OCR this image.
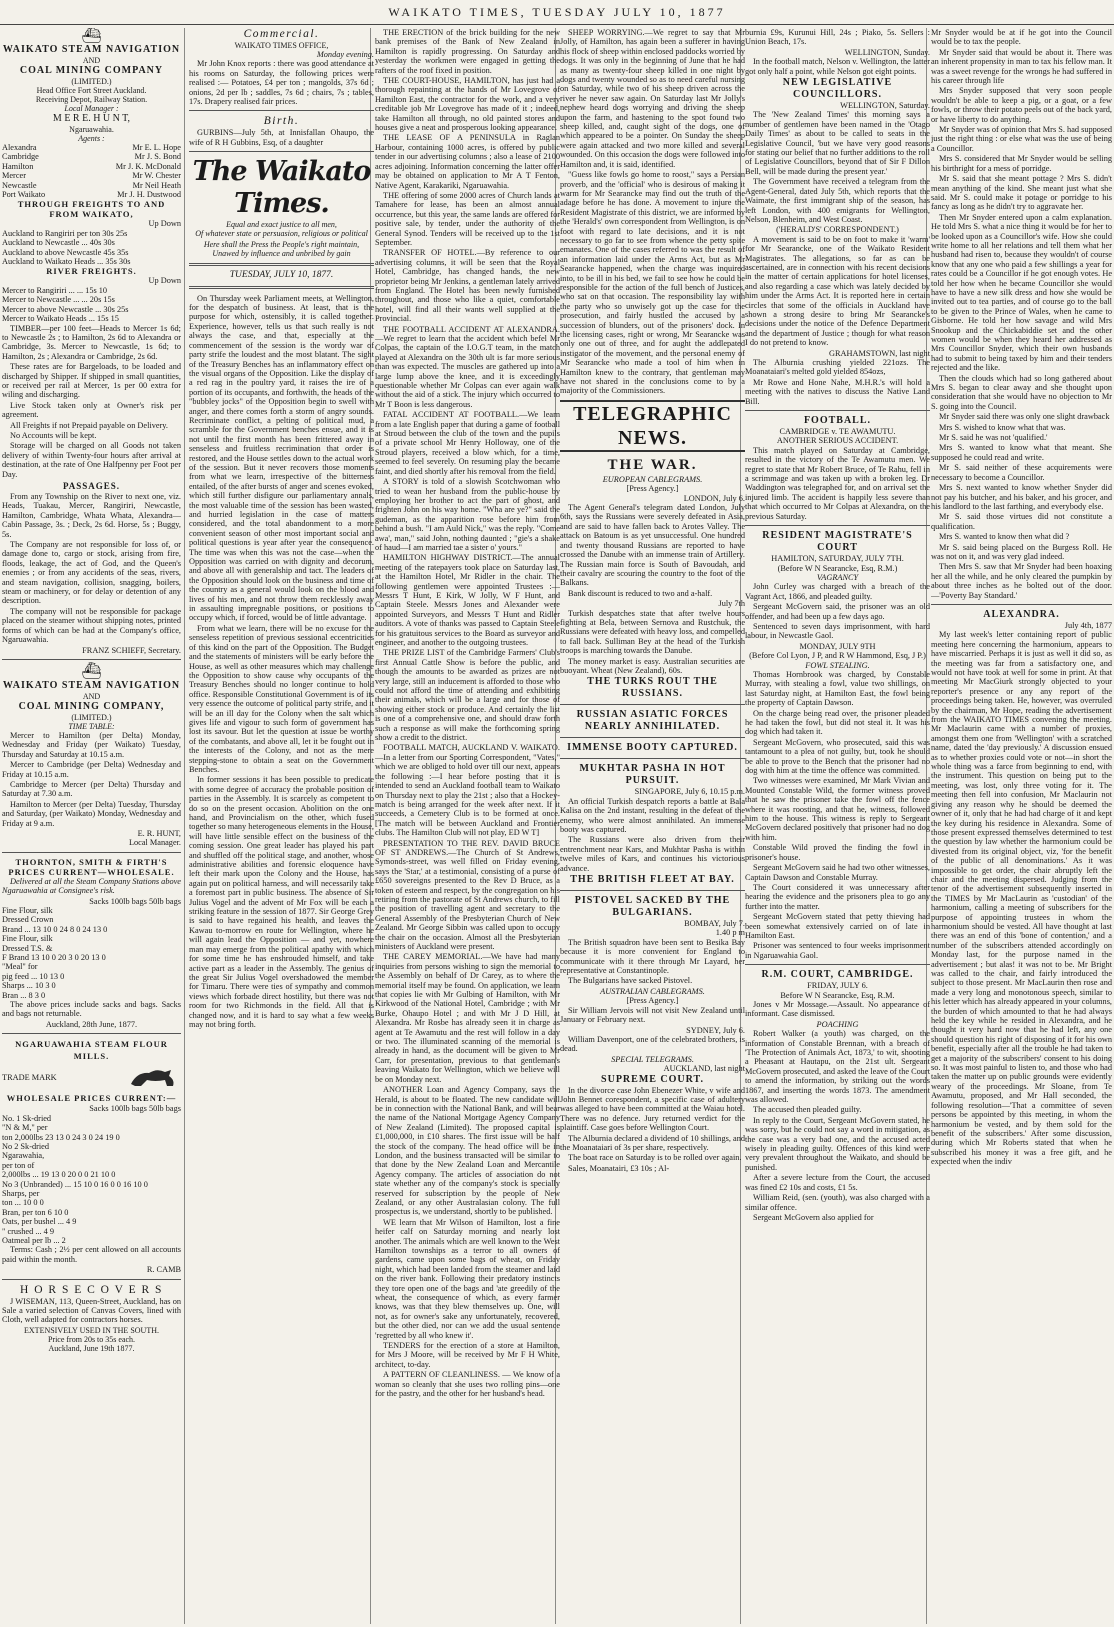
WAIKATO TIMES, TUESDAY JULY 10, 1877
⛴
WAIKATO STEAM NAVIGATION
AND
COAL MINING COMPANY
(LIMITED.)
Head Office Fort Street Auckland.
Receiving Depot, Railway Station.
Local Manager :
M E R E. H U N T,
Ngaruawahia.
Agents :
Alexandra	Mr E. L. Hope
Cambridge	Mr J. S. Bond
Hamilton	Mr J. K. McDonald
Mercer	Mr W. Chester
Newcastle	Mr Neil Heath
Port Waikato	Mr J. H. Dustwood
THROUGH FREIGHTS TO AND FROM WAIKATO,
Up Down
Auckland to Rangiriri per ton 30s 25s
Auckland to Newcastle ... 40s 30s
Auckland to above Newcastle 45s 35s
Auckland to Waikato Heads ... 35s 30s
RIVER FREIGHTS.
Up Down
Mercer to Rangiriri ... ... 15s 10
Mercer to Newcastle ... ... 20s 15s
Mercer to above Newcastle ... 30s 25s
Mercer to Waikato Heads ... 15s 15

TIMBER—per 100 feet—Heads to Mercer 1s 6d; to Newcastle 2s ; to Hamilton, 2s 6d to Alexandra or Cambridge, 3s. Mercer to Newcastle, 1s 6d; to Hamilton, 2s ; Alexandra or Cambridge, 2s 6d.

These rates are for Bargeloads, to be loaded and discharged by Shipper. If shipped in small quantities, or received per rail at Mercer, 1s per 00 extra for wiling and discharging.

Live Stock taken only at Owner's risk per agreement.

All Freights if not Prepaid payable on Delivery.

No Accounts will be kept.

Storage will be charged on all Goods not taken delivery of within Twenty-four hours after arrival at destination, at the rate of One Halfpenny per Foot per Day.

PASSAGES.

From any Township on the River to next one, viz. Heads, Tuakau, Mercer, Rangiriri, Newcastle, Hamilton, Cambridge, Whata Whata, Alexandra—Cabin Passage, 3s. ; Deck, 2s 6d. Horse, 5s ; Buggy, 5s.

The Company are not responsible for loss of, or damage done to, cargo or stock, arising from fire, floods, leakage, the act of God, and the Queen's enemies ; or from any accidents of the seas, rivers, and steam navigation, collision, snagging, boilers, steam or machinery, or for delay or detention of any description.

The company will not be responsible for package placed on the steamer without shipping notes, printed forms of which can be had at the Company's office, Ngaruawahia.

FRANZ SCHIEFF, Secretary.
⛴
WAIKATO STEAM NAVIGATION
AND
COAL MINING COMPANY,
(LIMITED.)
TIME TABLE:

Mercer to Hamilton (per Delta) Monday, Wednesday and Friday (per Waikato) Tuesday, Thursday and Saturday at 10.15 a.m.

Mercer to Cambridge (per Delta) Wednesday and Friday at 10.15 a.m.

Cambridge to Mercer (per Delta) Thursday and Saturday at 7.30 a.m.

Hamilton to Mercer (per Delta) Tuesday, Thursday and Saturday, (per Waikato) Monday, Wednesday and Friday at 9 a.m.

E. R. HUNT,
Local Manager.
THORNTON, SMITH & FIRTH'S PRICES CURRENT—WHOLESALE.

Delivered at all the Steam Company Stations above Ngaruawahia at Consignee's risk.

Sacks 100lb bags 50lb bags
Fine Flour, silk
Dressed Crown
Brand ... 13 10 0 24 8 0 24 13 0
Fine Flour, silk
Dressed T.S. &
F Brand 13 10 0 20 3 0 20 13 0
"Meal" for
pig feed ... 10 13 0
Sharps ... 10 3 0
Bran ... 8 3 0

The above prices include sacks and bags. Sacks and bags not returnable.

Auckland, 28th June, 1877.
NGARUAWAHIA STEAM FLOUR MILLS.
TRADE MARK
WHOLESALE PRICES CURRENT:—
Sacks 100lb bags 50lb bags
No. 1 Sk-dried
"N & M," per
ton 2,000lbs 23 13 0 24 3 0 24 19 0
No 2 Sk-dried
Ngarawahia,
per ton of
2,000lbs ... 19 13 0 20 0 0 21 10 0
No 3 (Unbranded) ... 15 10 0 16 0 0 16 10 0
Sharps, per
ton ... 10 0 0
Bran, per ton 6 10 0
Oats, per bushel ... 4 9
" crushed ... 4 9
Oatmeal per lb ... 2

Terms: Cash ; 2½ per cent allowed on all accounts paid within the month.

R. CAMB
H O R S E C O V E R S

J WISEMAN, 113, Queen-Street, Auckland, has on Sale a varied selection of Canvas Covers, lined with Cloth, well adapted for contractors horses.

EXTENSIVELY USED IN THE SOUTH.
Price from 20s to 35s each.
Auckland, June 19th 1877.
Commercial.
WAIKATO TIMES OFFICE,
Monday evening.

Mr John Knox reports : there was good attendance at his rooms on Saturday, the following prices were realised :— Potatoes, £4 per ton ; mangolds, 37s 6d ; onions, 2d per lb ; saddles, 7s 6d ; chairs, 7s ; tables, 17s. Drapery realised fair prices.

Birth.

GURBINS—July 5th, at Innisfallan Ohaupo, the wife of R H Gubbins, Esq, of a daughter

The Waikato Times.
Equal and exact justice to all men,
Of whatever state or persuasion, religious or political
Here shall the Press the People's right maintain,
Unawed by influence and unbribed by gain
TUESDAY, JULY 10, 1877.

On Thursday week Parliament meets, at Wellington, for the despatch of business. At least, that is the purpose for which, ostensibly, it is called together. Experience, however, tells us that such really is not always the case, and that, especially at the commencement of the session is the wordy war of party strife the loudest and the most blatant. The sight of the Treasury Benches has an inflammatory effect on the visual organs of the Opposition. Like the display of a red rag in the poultry yard, it raises the ire of a portion of its occupants, and forthwith, the heads of the "bubbley jocks" of the Opposition begin to swell with anger, and there comes forth a storm of angry sounds. Recriminate conflict, a pelting of political mud, a scramble for the Government benches ensue, and it is not until the first month has been frittered away in senseless and fruitless recrimination that order is restored, and the House settles down to the actual work of the session. But it never recovers those moments from what we learn, irrespective of the bitterness entailed, of the after bursts of anger and scenes evoked, which still further disfigure our parliamentary annals, the most valuable time of the session has been wasted, and hurried legislation in the case of matters considered, and the total abandonment to a more convenient season of other most important social and political questions is year after year the consequence. The time was when this was not the case—when the Opposition was carried on with dignity and decorum, and above all with generalship and tact. The leaders of the Opposition should look on the business and time of the country as a general would look on the blood and lives of his men, and not throw them recklessly away in assaulting impregnable positions, or positions to occupy which, if forced, would be of little advantage.

From what we learn, there will be no excuse for the senseless repetition of previous sessional eccentricities of this kind on the part of the Opposition. The Budget and the statements of ministers will be early before the House, as well as other measures which may challenge the Opposition to show cause why occupants of the Treasury Benches should no longer continue to hold office. Responsible Constitutional Government is of its very essence the outcome of political party strife, and it will be an ill day for the Colony when the salt which gives life and vigour to such form of government has lost its savour. But let the question at issue be worthy of the combatants, and above all, let it be fought out in the interests of the Colony, and not as the mere stepping-stone to obtain a seat on the Government Benches.

In former sessions it has been possible to predicate with some degree of accuracy the probable position of parties in the Assembly. It is scarcely as competent to do so on the present occasion. Abolition on the one hand, and Provincialism on the other, which fused together so many heterogeneous elements in the House, will have little sensible effect on the business of the coming session. One great leader has played his part and shuffled off the political stage, and another, whose administrative abilities and forensic eloquence have left their mark upon the Colony and the House, has again put on political harness, and will necessarily take a foremost part in public business. The absence of Sir Julius Vogel and the advent of Mr Fox will be each a striking feature in the session of 1877. Sir George Grey is said to have regained his health, and leaves the Kawau to-morrow en route for Wellington, where he will again lead the Opposition — and yet, nowhere man may emerge from the political apathy with which for some time he has enshrouded himself, and take active part as a leader in the Assembly. The genius of the great Sir Julius Vogel overshadowed the member for Timaru. There were ties of sympathy and common views which forbade direct hostility, but there was not room for two Richmonds in the field. All that is changed now, and it is hard to say what a few weeks may not bring forth.

THE ERECTION of the brick building for the new bank premises of the Bank of New Zealand in Hamilton is rapidly progressing. On Saturday and yesterday the workmen were engaged in getting the rafters of the roof fixed in position.

THE COURT-HOUSE, HAMILTON, has just had a thorough repainting at the hands of Mr Lovegrove of Hamilton East, the contractor for the work, and a very creditable job Mr Lovegrove has made of it ; indeed, take Hamilton all through, no old painted stores and houses give a neat and prosperous looking appearance.

THE LEASE OF A PENINSULA in Raglan Harbour, containing 1000 acres, is offered by public tender in our advertising columns ; also a lease of 2100 acres adjoining. Information concerning the latter offer may be obtained on application to Mr A T Fenton, Native Agent, Karakariki, Ngaruawahia.

THE offering of some 2000 acres of Church lands at Tamahere for lease, has been an almost annual occurrence, but this year, the same lands are offered for positive sale, by tender, under the authority of the General Synod. Tenders will be received up to the 1st September.

TRANSFER OF HOTEL.—By reference to our advertising columns, it will be seen that the Royal Hotel, Cambridge, has changed hands, the new proprietor being Mr Jenkins, a gentleman lately arrived from England. The Hotel has been newly furnished throughout, and those who like a quiet, comfortable hotel, will find all their wants well supplied at the Provincial.

THE FOOTBALL ACCIDENT AT ALEXANDRA.—We regret to learn that the accident which befel Mr Colpas, the captain of the I.O.G.T team, in the match played at Alexandra on the 30th ult is far more serious than was expected. The muscles are gathered up into a large lump above the knee, and it is exceedingly questionable whether Mr Colpas can ever again walk without the aid of a stick. The injury which occurred to Mr T Boon is less dangerous.

FATAL ACCIDENT AT FOOTBALL.—We learn from a late English paper that during a game of football at Stroud between the club of the town and the pupils of a private school Mr Henry Holloway, one of the Stroud players, received a blow which, for a time, seemed to feel severely. On resuming play the became faint, and died shortly after his removal from the field.

A STORY is told of a slowish Scotchwoman who tried to wean her husband from the public-house by employing her brother to act the part of ghost, and frighten John on his way home. "Wha are ye?" said the gudeman, as the apparition rose before him from behind a bush. "I am Auld Nick," was the reply. "Come awa', man," said John, nothing daunted ; "gie's a shake of haud—I am married tae a sister o' yours."

HAMILTON HIGHWAY DISTRICT.—The annual meeting of the ratepayers took place on Saturday last, at the Hamilton Hotel, Mr Ridler in the chair. The following gentlemen were appointed Trustees :—Messrs T Hunt, E Kirk, W Jolly, W F Hunt, and Captain Steele. Messrs Jones and Alexander were appointed Surveyors, and Messrs T Hunt and Ridler auditors. A vote of thanks was passed to Captain Steele for his gratuitous services to the Board as surveyor and engineer, and another to the outgoing trustees.

THE PRIZE LIST of the Cambridge Farmers' Club's first Annual Cattle Show is before the public, and though the amounts to be awarded as prizes are not very large, still an inducement is afforded to those who could not afford the time of attending and exhibiting their animals, which will be a large and for those of showing either stock or produce. And certainly the list is one of a comprehensive one, and should draw forth such a response as will make the forthcoming spring show a credit to the district.

FOOTBALL MATCH, AUCKLAND V. WAIKATO.—In a letter from our Sporting Correspondent, "Vates," which we are obliged to hold over till our next, appears the following :—I hear before posting that it is intended to send an Auckland football team to Waikato on Thursday next to play the 21st ; also that a Hockey-match is being arranged for the week after next. If it succeeds, a Cemetery Club is to be formed at once. [The match will be between Auckland and Frontier clubs. The Hamilton Club will not play, ED W T]

PRESENTATION TO THE REV. DAVID BRUCE OF ST ANDREWS.—The Church of St Andrews, Symonds-street, was well filled on Friday evening, says the 'Star,' at a testimonial, consisting of a purse of £650 sovereigns presented to the Rev D Bruce, as a token of esteem and respect, by the congregation on his retiring from the pastorate of St Andrews church, to fill the position of travelling agent and secretary to the General Assembly of the Presbyterian Church of New Zealand. Mr George Sibbin was called upon to occupy the chair on the occasion. Almost all the Presbyterian ministers of Auckland were present.

THE CAREY MEMORIAL.—We have had many inquiries from persons wishing to sign the memorial to the Assembly on behalf of Dr Carey, as to where the memorial itself may be found. On application, we learn that copies lie with Mr Gulbing of Hamilton, with Mr Kirkwood of the National Hotel, Cambridge ; with Mr Burke, Ohaupo Hotel ; and with Mr J D Hill, at Alexandra. Mr Rosbe has already seen it in charge as agent at Te Awamutu and the rest will follow in a day or two. The illuminated scanning of the memorial is already in hand, as the document will be given to Mr Carr, for presentation, previous to that gentleman's leaving Waikato for Wellington, which we believe will be on Monday next.

ANOTHER Loan and Agency Company, says the Herald, is about to be floated. The new candidate will be in connection with the National Bank, and will bear the name of the National Mortgage Agency Company of New Zealand (Limited). The proposed capital is £1,000,000, in £10 shares. The first issue will be half the stock of the company. The head office will be in London, and the business transacted will be similar to that done by the New Zealand Loan and Mercantile Agency company. The articles of association do not state whether any of the company's stock is specially reserved for subscription by the people of New Zealand, or any other Australasian colony. The full prospectus is, we understand, shortly to be published.

WE learn that Mr Wilson of Hamilton, lost a fine heifer calf on Saturday morning and nearly lost another. The animals which are well known to the West Hamilton townships as a terror to all owners of gardens, came upon some bags of wheat, on Friday night, which had been landed from the steamer and laid on the river bank. Following their predatory instincts they tore open one of the bags and 'ate greedily of the wheat, the consequence of which, as every farmer knows, was that they blew themselves up. One, will not, as for owner's sake any unfortunately, recovered, but the other died, nor can we add the usual sentence 'regretted by all who knew it'.

TENDERS for the erection of a store at Hamilton, for Mrs J Moore, will be received by Mr F H White, architect, to-day.

A PATTERN OF CLEANLINESS. — We know of a woman so cleanly that she uses two rolling pins—one for the pastry, and the other for her husband's head.

SHEEP WORRYING.—We regret to say that Mr Jolly, of Hamilton, has again been a sufferer in having his flock of sheep within enclosed paddocks worried by dogs. It was only in the beginning of June that he had as many as twenty-four sheep killed in one night by dogs and twenty wounded so as to need careful nursing on Saturday, while two of his sheep driven across the river he never saw again. On Saturday last Mr Jolly's nephew heard dogs worrying and driving the sheep upon the farm, and hastening to the spot found two sheep killed, and, caught sight of the dogs, one of which appeared to be a pointer. On Sunday the sheep were again attacked and two more killed and several wounded. On this occasion the dogs were followed into Hamilton and, it is said, identified.

"Guess like fowls go home to roost," says a Persian proverb, and the 'official' who is desirous of making it warm for Mr Searancke may find out the truth of the adage before he has done. A movement to injure the Resident Magistrate of this district, we are informed by the 'Herald's' own correspondent from Wellington, is on foot with regard to late decisions, and it is not necessary to go far to see from whence the petty spite emanates. One of the cases referred to was the result of an information laid under the Arms Act, but as Mr Searancke happened, when the charge was inquired into, to be ill in his bed, we fail to see how he could be responsible for the action of the full bench of Justices, who sat on that occasion. The responsibility lay with the party who so unwisely got up the case for the prosecution, and fairly hustled the accused by a succession of blunders, out of the prisoners' dock. In the licensing cases, right or wrong, Mr Searancke was only one out of three, and for aught the addlepated instigator of the movement, and the personal enemy of Mr Searancke who made a tool of him when in Hamilton knew to the contrary, that gentleman may have not shared in the conclusions come to by a majority of the Commissioners.

TELEGRAPHIC NEWS.
THE WAR.
EUROPEAN CABLEGRAMS.
[Press Agency.]
LONDON, July 6.

The Agent General's telegram dated London, July 6th, says the Russians were severely defeated in Asia, and are said to have fallen back to Arotes Valley. The attack on Batoum is as yet unsuccessful. One hundred and twenty thousand Russians are reported to have crossed the Danube with an immense train of Artillery. The Russian main force is South of Bavoudah, and their cavalry are scouring the country to the foot of the Balkans.

Bank discount is reduced to two and a-half.

July 7th

Turkish despatches state that after twelve hours fighting at Bela, between Sernova and Rustchuk, the Russians were defeated with heavy loss, and compelled to fall back. Sulliman Bey at the head of the Turkish troops is marching towards the Danube.

The money market is easy. Australian securities are buoyant. Wheat (New Zealand), 60s.

THE TURKS ROUT THE RUSSIANS.
RUSSIAN ASIATIC FORCES NEARLY ANNIHILATED.
IMMENSE BOOTY CAPTURED.
MUKHTAR PASHA IN HOT PURSUIT.
SINGAPORE, July 6, 10.15 p.m.

An official Turkish despatch reports a battle at Bala Kalisa on the 2nd instant, resulting in the defeat of the enemy, who were almost annihilated. An immense booty was captured.

The Russians were also driven from their entrenchment near Kars, and Mukhtar Pasha is within twelve miles of Kars, and continues his victorious advance.

THE BRITISH FLEET AT BAY.
PISTOVEL SACKED BY THE BULGARIANS.
BOMBAY, July 7.
1.40 p m

The British squadron have been sent to Besika Bay because it is more convenient for England to communicate with it there through Mr Layard, her representative at Constantinople.

The Bulgarians have sacked Pistovel.

AUSTRALIAN CABLEGRAMS.
[Press Agency.]

Sir William Jervois will not visit New Zealand until January or February next.

SYDNEY, July 6.

William Davenport, one of the celebrated brothers, is dead.

SPECIAL TELEGRAMS.
AUCKLAND, last night
SUPREME COURT.

In the divorce case John Ebenezer White, v wife and John Bennet corespondent, a specific case of adultery was alleged to have been committed at the Waiau hotel. There was no defence. Jury returned verdict for the plaintiff. Case goes before Wellington Court.

The Alburnia declared a dividend of 10 shillings, and the Moanataiari of 3s per share, respectively.

The boat race on Saturday is to be rolled over again.

Sales, Moanatairi, £3 10s ; Al-

burnia £9s, Kurunui Hill, 24s ; Piako, 5s. Sellers : Union Beach, 17s.

WELLINGTON, Sunday.

In the football match, Nelson v. Wellington, the latter got only half a point, while Nelson got eight points.

NEW LEGISLATIVE COUNCILLORS.
WELLINGTON, Saturday.

The 'New Zealand Times' this morning says a number of gentlemen have been named in the 'Otago Daily Times' as about to be called to seats in the Legislative Council, 'but we have very good reasons for stating our belief that no further additions to the roll of Legislative Councillors, beyond that of Sir F Dillon Bell, will be made during the present year.'

The Government have received a telegram from the Agent-General, dated July 5th, which reports that the Waimate, the first immigrant ship of the season, has left London, with 400 emigrants for Wellington, Nelson, Blenheim, and West Coast.

('HERALD'S' CORRESPONDENT.)

A movement is said to be on foot to make it 'warm' for Mr Searancke, one of the Waikato Resident Magistrates. The allegations, so far as can be ascertained, are in connection with his recent decisions in the matter of certain applications for hotel licenses, and also regarding a case which was lately decided by him under the Arms Act. It is reported here in certain circles that some of the officials in Auckland have shown a strong desire to bring Mr Searancke's decisions under the notice of the Defence Department and the department of Justice ; though for what reason I do not pretend to know.

GRAHAMSTOWN, last night

The Alburnia crushing yielded 221ozs. The Moanataiari's melted gold yielded 854ozs,

Mr Rowe and Hone Nahe, M.H.R.'s will hold a meeting with the natives to discuss the Native Land Bill.

FOOTBALL.
CAMBRIDGE v. TE AWAMUTU.
ANOTHER SERIOUS ACCIDENT.

This match played on Saturday at Cambridge, resulted in the victory of the Te Awamutu men. We regret to state that Mr Robert Bruce, of Te Rahu, fell in a scrimmage and was taken up with a broken leg. Dr Waddington was telegraphed for, and on arrival set the injured limb. The accident is happily less severe than that which occurred to Mr Colpas at Alexandra, on the previous Saturday.

RESIDENT MAGISTRATE'S COURT
HAMILTON, SATURDAY, JULY 7TH.
(Before W N Searancke, Esq, R.M.)
VAGRANCY

John Curley was charged with a breach of the Vagrant Act, 1866, and pleaded guilty.

Sergeant McGovern said, the prisoner was an old offender, and had been up a few days ago.

Sentenced to seven days imprisonment, with hard labour, in Newcastle Gaol.

MONDAY, JULY 9TH
(Before Col Lyon, J P, and R W Hammond, Esq, J P.)
FOWL STEALING.

Thomas Hornbrook was charged, by Constable Murray, with stealing a fowl, value two shillings, on last Saturday night, at Hamilton East, the fowl being the property of Captain Dawson.

On the charge being read over, the prisoner pleaded he had taken the fowl, but did not steal it. It was his dog which had taken it.

Sergeant McGovern, who prosecuted, said this was tantamount to a plea of not guilty, but, took he should be able to prove to the Bench that the prisoner had no dog with him at the time the offence was committed.

Two witnesses were examined, Mr Mark Vivian and Mounted Constable Wild, the former witness proved that he saw the prisoner take the fowl off the fence where it was roosting, and that he, witness, followed him to the house. This witness is reply to Sergeant McGovern declared positively that prisoner had no dog with him.

Constable Wild proved the finding the fowl in prisoner's house.

Sergeant McGovern said he had two other witnesses, Captain Dawson and Constable Murray.

The Court considered it was unnecessary after hearing the evidence and the prisoners plea to go any further into the matter.

Sergeant McGovern stated that petty thieving had been somewhat extensively carried on of late in Hamilton East.

Prisoner was sentenced to four weeks imprisonment in Ngaruawahia Gaol.

R.M. COURT, CAMBRIDGE.
FRIDAY, JULY 6.
Before W N Searancke, Esq, R.M.

Jones v Mr Mossage.—Assault. No appearance of informant. Case dismissed.

POACHING

Robert Walker (a youth) was charged, on the information of Constable Brennan, with a breach of 'The Protection of Animals Act, 1873,' to wit, shooting a Pheasant at Hautapu, on the 21st ult. Sergeant McGovern prosecuted, and asked the leave of the Court to amend the information, by striking out the words 1867, and inserting the words 1873. The amendment was allowed.

The accused then pleaded guilty.

In reply to the Court, Sergeant McGovern stated, he was sorry, but he could not say a word in mitigation, as the case was a very bad one, and the accused acted wisely in pleading guilty. Offences of this kind were very prevalent throughout the Waikato, and should be punished.

After a severe lecture from the Court, the accused was fined £2 10s and costs, £1 5s.

William Reid, (sen. (youth), was also charged with a similar offence.

Sergeant McGovern also applied for

Mr Snyder would be at if he got into the Council would be to tax the people.

Mr Snyder said that would be about it. There was an inherent propensity in man to tax his fellow man. It was a sweet revenge for the wrongs he had suffered in his career through life

Mrs Snyder supposed that very soon people wouldn't be able to keep a pig, or a goat, or a few fowls, or throw their potato peels out of the back yard, or have liberty to do anything.

Mr Snyder was of opinion that Mrs S. had supposed just the right thing : or else what was the use of being a Councillor.

Mrs S. considered that Mr Snyder would be selling his birthright for a mess of porridge.

Mr S. said that she meant pottage ? Mrs S. didn't mean anything of the kind. She meant just what she said. Mr S. could make it potage or porridge to his fancy as long as he didn't try to aggravate her.

Then Mr Snyder entered upon a calm explanation. He told Mrs S. what a nice thing it would be for her to be looked upon as a Councillor's wife. How she could write home to all her relations and tell them what her husband had risen to, because they wouldn't of course know that any one who paid a few shillings a year for rates could be a Councillor if he got enough votes. He told her how when he became Councillor she would have to have a new silk dress and how she would be invited out to tea parties, and of course go to the ball to be given to the Prince of Wales, when he came to Gisborne. He told her how savage and wild Mrs Snookup and the Chickabiddie set and the other women would be when they heard her addressed as Mrs Councillor Snyder, which their own husbands had to submit to being taxed by him and their tenders rejected and the like.

Then the clouds which had so long gathered about Mrs S. began to clear away and she thought upon consideration that she would have no objection to Mr S. going into the Council.

Mr Snyder said there was only one slight drawback

Mrs S. wished to know what that was.

Mr S. said he was not 'qualified.'

Mrs S. wanted to know what that meant. She supposed he could read and write.

Mr S. said neither of these acquirements were necessary to become a Councillor.

Mrs S. next wanted to know whether Snyder did not pay his butcher, and his baker, and his grocer, and his landlord to the last farthing, and everybody else.

Mr S. said those virtues did not constitute a qualification.

Mrs S. wanted to know then what did ?

Mr S. said being placed on the Burgess Roll. He was not on it, and was very glad indeed.

Then Mrs S. saw that Mr Snyder had been hoaxing her all the while, and he only cleared the pumpkin by about three inches as he bolted out of the door.—'Poverty Bay Standard.'

ALEXANDRA.
July 4th, 1877

My last week's letter containing report of public meeting here concerning the harmonium, appears to have miscarried. Perhaps it is just as well it did so, as the meeting was far from a satisfactory one, and would not have took at well for some in print. At that meeting Mr MacGiurk strongly objected to your reporter's presence or any any report of the proceedings being taken. He, however, was overruled by the chairman, Mr Hope, reading the advertisement from the WAIKATO TIMES convening the meeting. Mr Maclaurin came with a number of proxies, amongst them one from 'Wellington' with a scratched name, dated the 'day previously.' A discussion ensued as to whether proxies could vote or not—in short the whole thing was a farce from beginning to end, with the instrument. This question on being put to the meeting, was lost, only three voting for it. The meeting then fell into confusion, Mr Maclaurin not giving any reason why he should be deemed the owner of it, only that he had had charge of it and kept the key during his residence in Alexandra. Some of those present expressed themselves determined to test the question by law whether the harmonium could be divested from its original object, viz, 'for the benefit of the public of all denominations.' As it was impossible to get order, the chair abruptly left the chair and the meeting dispersed. Judging from the tenor of the advertisement subsequently inserted in the TIMES by Mr MacLaurin as 'custodian' of the harmonium, calling a meeting of subscribers for the purpose of appointing trustees in whom the harmonium should be vested. All have thought at last there was an end of this 'bone of contention,' and a number of the subscribers attended accordingly on Monday last, for the purpose named in the advertisement ; but alas! it was not to be. Mr Bright was called to the chair, and fairly introduced the subject to those present. Mr MacLaurin then rose and made a very long and monotonous speech, similar to his letter which has already appeared in your columns, the burden of which amounted to that he had always held the key while he resided in Alexandra, and he thought it very hard now that he had left, any one should question his right of disposing of it for his own benefit, especially after all the trouble he had taken to get a majority of the subscribers' consent to his doing so. It was most painful to listen to, and those who had taken the matter up on public grounds were evidently weary of the proceedings. Mr Sloane, from Te Awamutu, proposed, and Mr Hall seconded, the following resolution—'That a committee of seven persons be appointed by this meeting, in whom the harmonium be vested, and by them sold for the benefit of the subscribers.' After some discussion, during which Mr Roberts stated that when he subscribed his money it was a free gift, and he expected when the indiv
